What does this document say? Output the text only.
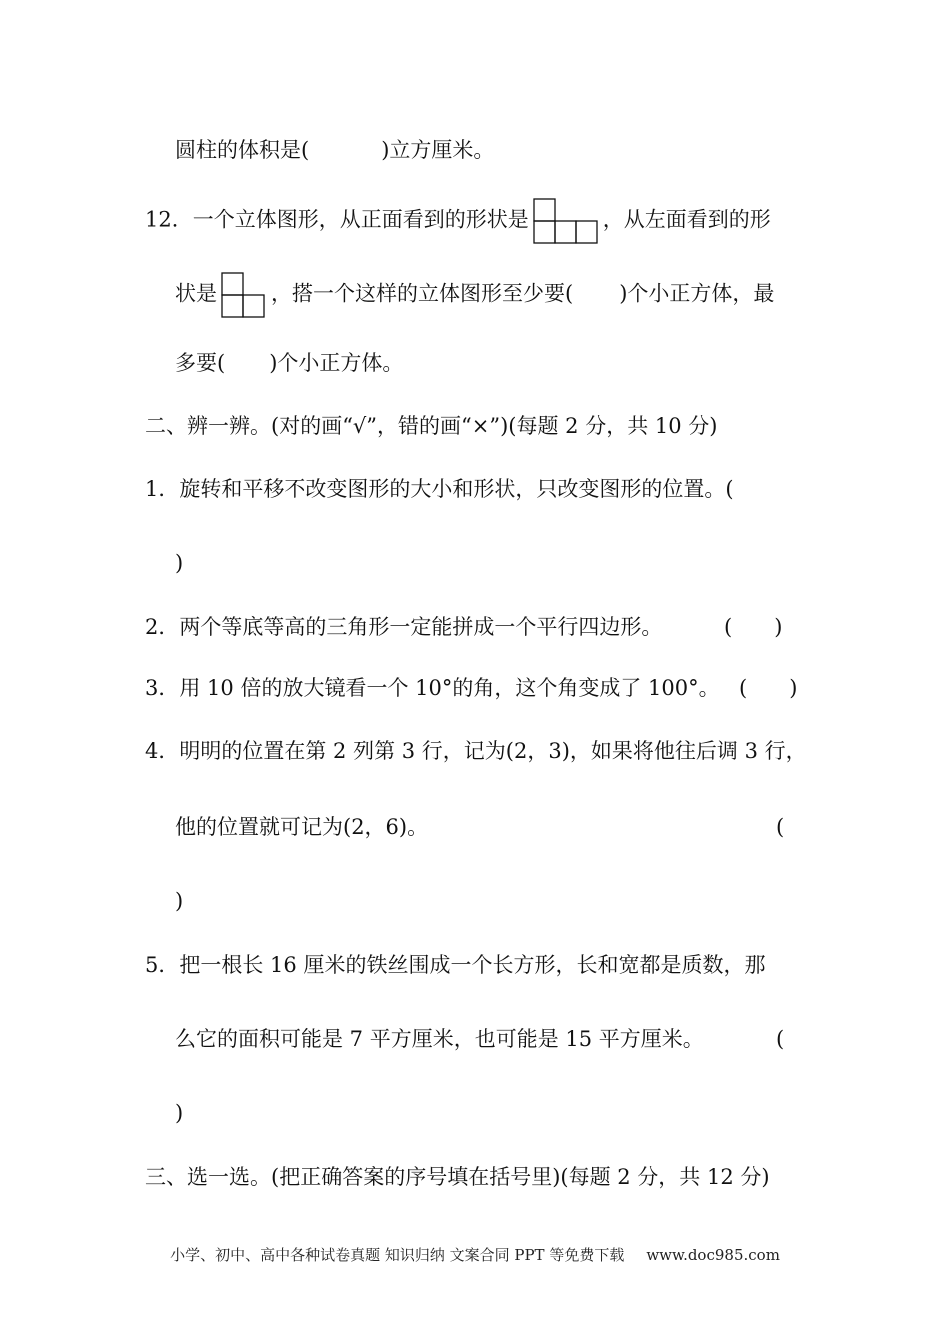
圆柱的体积是(	)立方厘米。
12．一个立体图形，从正面看到的形状是	，从左面看到的形
状是	，搭一个这样的立体图形至少要( )个小正方体，最
多要( )个小正方体。
二、辨一辨。(对的画“√”，错的画“×”)(每题 2 分，共 10 分)
1．旋转和平移不改变图形的大小和形状，只改变图形的位置。(
)
2．两个等底等高的三角形一定能拼成一个平行四边形。	(　　)
3．用 10 倍的放大镜看一个 10°的角，这个角变成了 100°。 (　　)
4．明明的位置在第 2 列第 3 行，记为(2，3)，如果将他往后调 3 行，
他的位置就可记为(2，6)。	(
)
5．把一根长 16 厘米的铁丝围成一个长方形，长和宽都是质数，那
么它的面积可能是 7 平方厘米，也可能是 15 平方厘米。	(
)
三、选一选。(把正确答案的序号填在括号里)(每题 2 分，共 12 分)
小学、初中、高中各种试卷真题 知识归纳 文案合同 PPT 等免费下载 www.doc985.com
